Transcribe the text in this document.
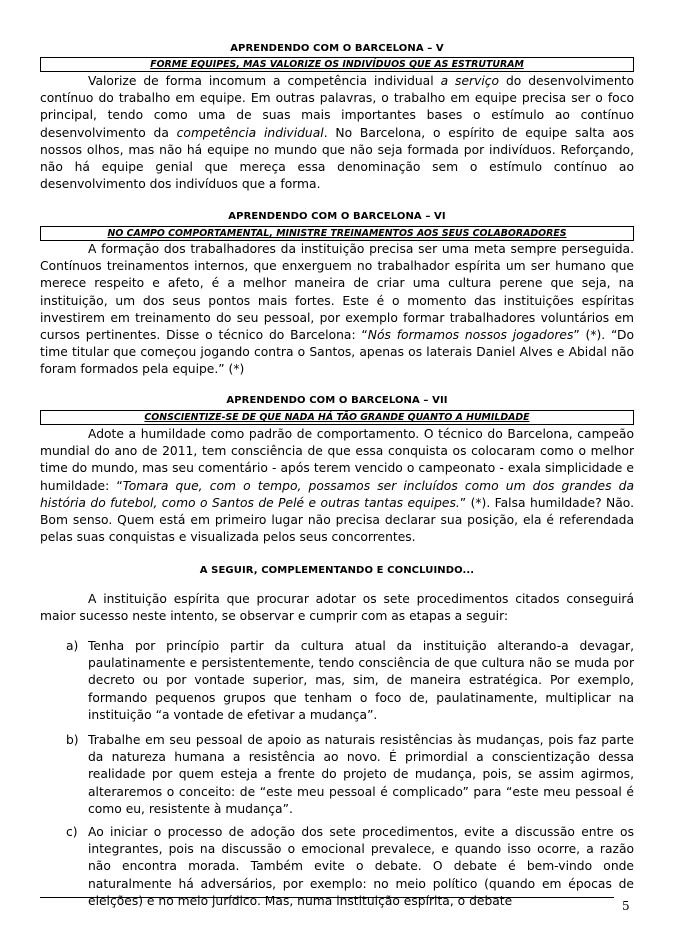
APRENDENDO COM O BARCELONA – V
FORME EQUIPES, MAS VALORIZE OS INDIVÍDUOS QUE AS ESTRUTURAM
Valorize de forma incomum a competência individual a serviço do desenvolvimento contínuo do trabalho em equipe. Em outras palavras, o trabalho em equipe precisa ser o foco principal, tendo como uma de suas mais importantes bases o estímulo ao contínuo desenvolvimento da competência individual. No Barcelona, o espírito de equipe salta aos nossos olhos, mas não há equipe no mundo que não seja formada por indivíduos. Reforçando, não há equipe genial que mereça essa denominação sem o estímulo contínuo ao desenvolvimento dos indivíduos que a forma.
APRENDENDO COM O BARCELONA – VI
NO CAMPO COMPORTAMENTAL, MINISTRE TREINAMENTOS AOS SEUS COLABORADORES
A formação dos trabalhadores da instituição precisa ser uma meta sempre perseguida. Contínuos treinamentos internos, que enxerguem no trabalhador espírita um ser humano que merece respeito e afeto, é a melhor maneira de criar uma cultura perene que seja, na instituição, um dos seus pontos mais fortes. Este é o momento das instituições espíritas investirem em treinamento do seu pessoal, por exemplo formar trabalhadores voluntários em cursos pertinentes. Disse o técnico do Barcelona: “Nós formamos nossos jogadores” (*). “Do time titular que começou jogando contra o Santos, apenas os laterais Daniel Alves e Abidal não foram formados pela equipe.” (*)
APRENDENDO COM O BARCELONA – VII
CONSCIENTIZE-SE DE QUE NADA HÁ TÃO GRANDE QUANTO A HUMILDADE
Adote a humildade como padrão de comportamento. O técnico do Barcelona, campeão mundial do ano de 2011, tem consciência de que essa conquista os colocaram como o melhor time do mundo, mas seu comentário - após terem vencido o campeonato - exala simplicidade e humildade: “Tomara que, com o tempo, possamos ser incluídos como um dos grandes da história do futebol, como o Santos de Pelé e outras tantas equipes.” (*). Falsa humildade? Não. Bom senso. Quem está em primeiro lugar não precisa declarar sua posição, ela é referendada pelas suas conquistas e visualizada pelos seus concorrentes.
A SEGUIR, COMPLEMENTANDO E CONCLUINDO...
A instituição espírita que procurar adotar os sete procedimentos citados conseguirá maior sucesso neste intento, se observar e cumprir com as etapas a seguir:
a) Tenha por princípio partir da cultura atual da instituição alterando-a devagar, paulatinamente e persistentemente, tendo consciência de que cultura não se muda por decreto ou por vontade superior, mas, sim, de maneira estratégica. Por exemplo, formando pequenos grupos que tenham o foco de, paulatinamente, multiplicar na instituição “a vontade de efetivar a mudança”.
b) Trabalhe em seu pessoal de apoio as naturais resistências às mudanças, pois faz parte da natureza humana a resistência ao novo. É primordial a conscientização dessa realidade por quem esteja a frente do projeto de mudança, pois, se assim agirmos, alteraremos o conceito: de “este meu pessoal é complicado” para “este meu pessoal é como eu, resistente à mudança”.
c) Ao iniciar o processo de adoção dos sete procedimentos, evite a discussão entre os integrantes, pois na discussão o emocional prevalece, e quando isso ocorre, a razão não encontra morada. Também evite o debate. O debate é bem-vindo onde naturalmente há adversários, por exemplo: no meio político (quando em épocas de eleições) e no meio jurídico. Mas, numa instituição espírita, o debate	5
